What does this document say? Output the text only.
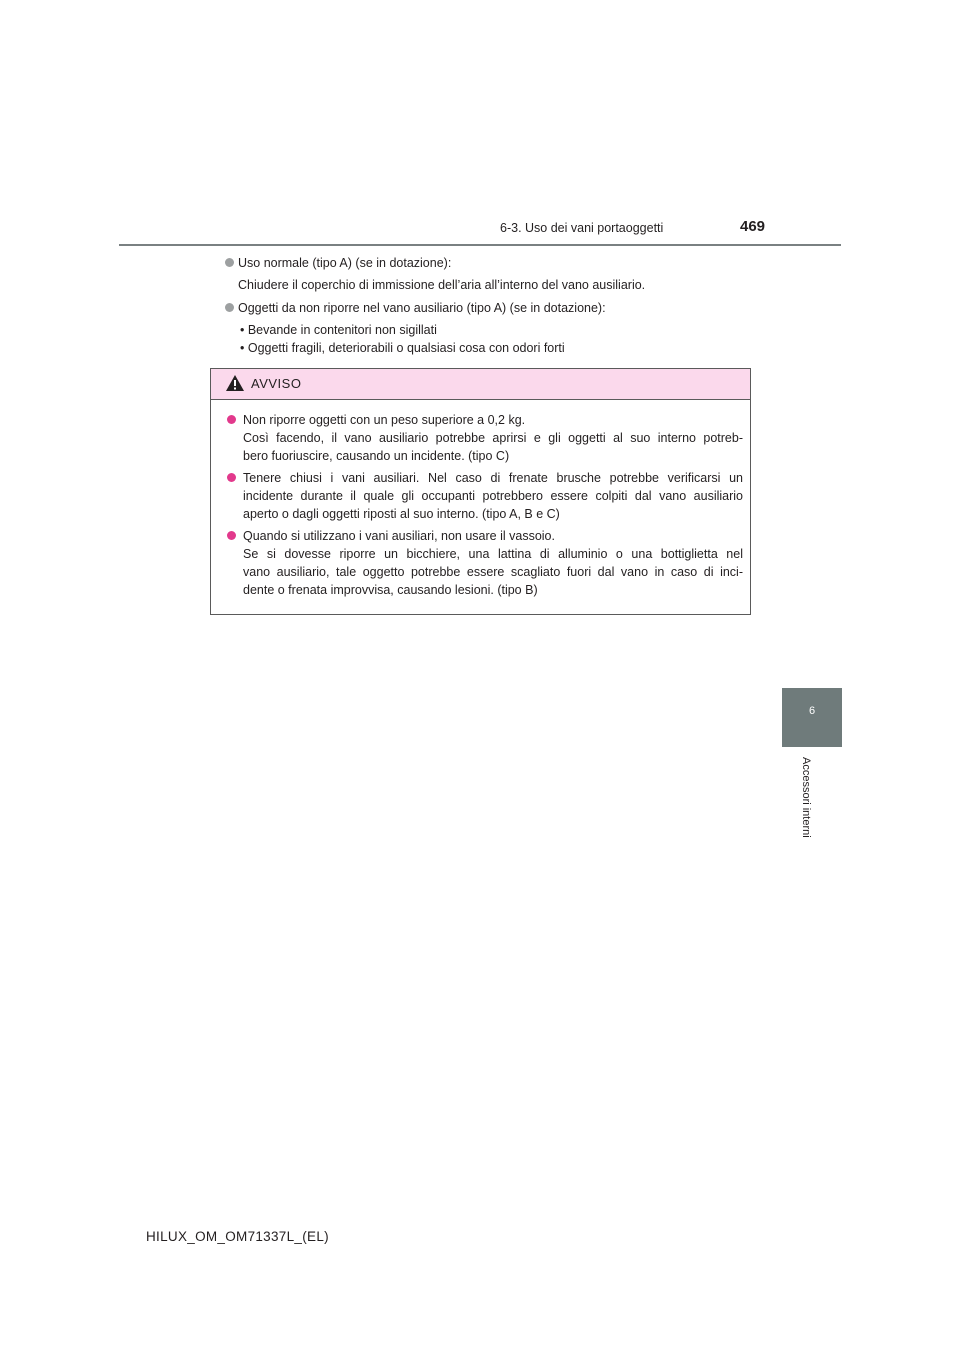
6-3. Uso dei vani portaoggetti	469
6
Accessori interni
Uso normale (tipo A) (se in dotazione):
Chiudere il coperchio di immissione dell’aria all’interno del vano ausiliario.
Oggetti da non riporre nel vano ausiliario (tipo A) (se in dotazione):
• Bevande in contenitori non sigillati
• Oggetti fragili, deteriorabili o qualsiasi cosa con odori forti
AVVISO
Non riporre oggetti con un peso superiore a 0,2 kg.
Così facendo, il vano ausiliario potrebbe aprirsi e gli oggetti al suo interno potreb-
bero fuoriuscire, causando un incidente. (tipo C)
Tenere chiusi i vani ausiliari. Nel caso di frenate brusche potrebbe verificarsi un
incidente durante il quale gli occupanti potrebbero essere colpiti dal vano ausiliario
aperto o dagli oggetti riposti al suo interno. (tipo A, B e C)
Quando si utilizzano i vani ausiliari, non usare il vassoio.
Se si dovesse riporre un bicchiere, una lattina di alluminio o una bottiglietta nel
vano ausiliario, tale oggetto potrebbe essere scagliato fuori dal vano in caso di inci-
dente o frenata improvvisa, causando lesioni. (tipo B)
HILUX_OM_OM71337L_(EL)
